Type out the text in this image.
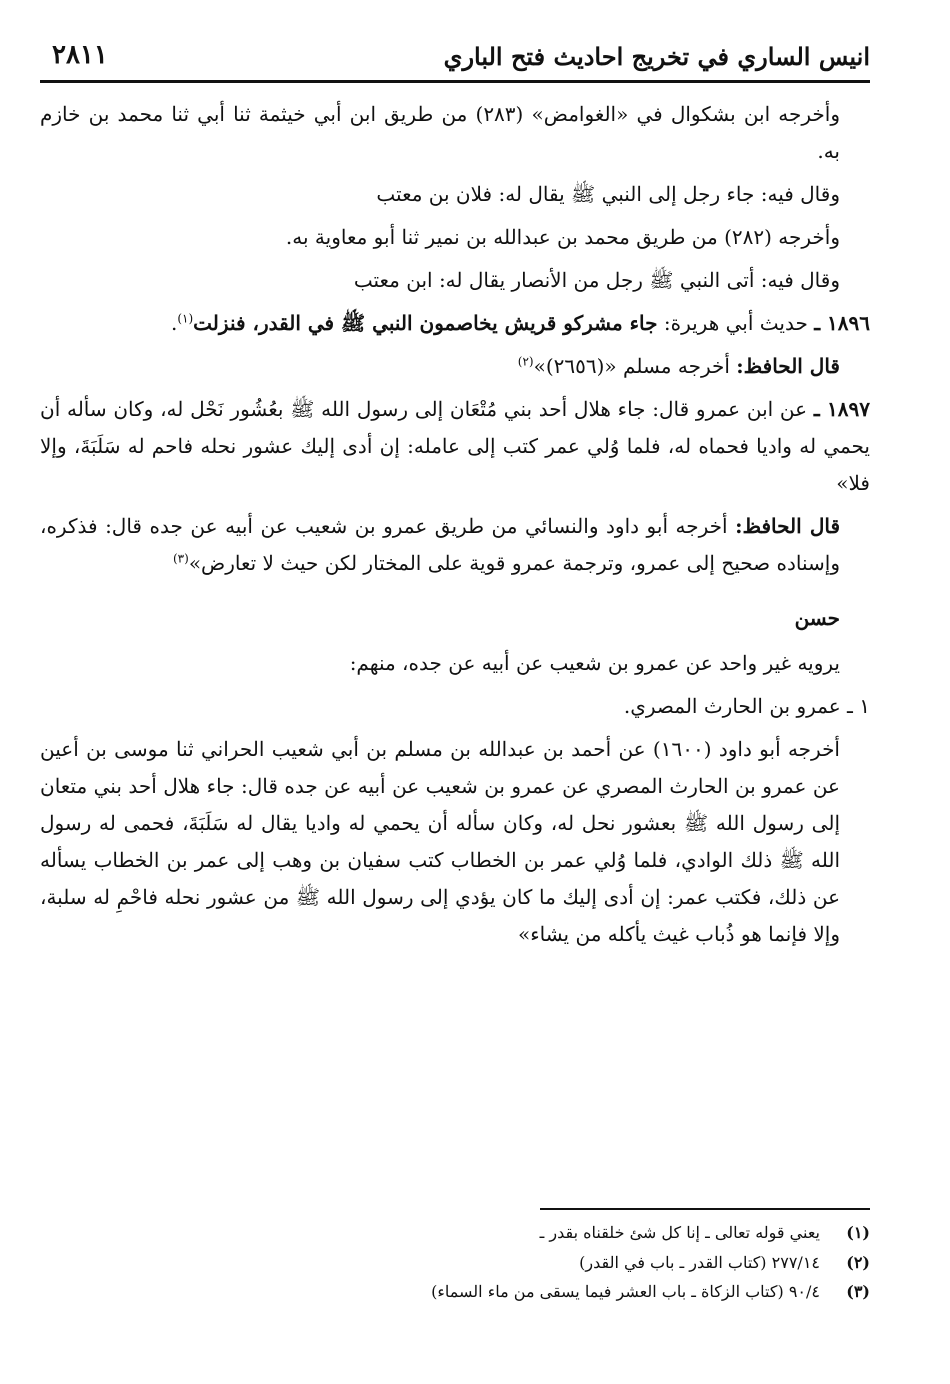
انيس الساري في تخريج احاديث فتح الباري
٢٨١١

وأخرجه ابن بشكوال في «الغوامض» (٢٨٣) من طريق ابن أبي خيثمة ثنا أبي ثنا محمد بن خازم به.

وقال فيه: جاء رجل إلى النبي ﷺ يقال له: فلان بن معتب

وأخرجه (٢٨٢) من طريق محمد بن عبدالله بن نمير ثنا أبو معاوية به.

وقال فيه: أتى النبي ﷺ رجل من الأنصار يقال له: ابن معتب

١٨٩٦ ـ حديث أبي هريرة: جاء مشركو قريش يخاصمون النبي ﷺ في القدر، فنزلت$^{(١)}$.

قال الحافظ: أخرجه مسلم «(٢٦٥٦)»$^{(٢)}$

١٨٩٧ ـ عن ابن عمرو قال: جاء هلال أحد بني مُتْعَان إلى رسول الله ﷺ بعُشُور نَحْل له، وكان سأله أن يحمي له واديا فحماه له، فلما وُلي عمر كتب إلى عامله: إن أدى إليك عشور نحله فاحم له سَلَبَةَ، وإلا فلا»

قال الحافظ: أخرجه أبو داود والنسائي من طريق عمرو بن شعيب عن أبيه عن جده قال: فذكره، وإسناده صحيح إلى عمرو، وترجمة عمرو قوية على المختار لكن حيث لا تعارض»$^{(٣)}$

حسن

يرويه غير واحد عن عمرو بن شعيب عن أبيه عن جده، منهم:

١ ـ عمرو بن الحارث المصري.

أخرجه أبو داود (١٦٠٠) عن أحمد بن عبدالله بن مسلم بن أبي شعيب الحراني ثنا موسى بن أعين عن عمرو بن الحارث المصري عن عمرو بن شعيب عن أبيه عن جده قال: جاء هلال أحد بني متعان إلى رسول الله ﷺ بعشور نحل له، وكان سأله أن يحمي له واديا يقال له سَلَبَةَ، فحمى له رسول الله ﷺ ذلك الوادي، فلما وُلي عمر بن الخطاب كتب سفيان بن وهب إلى عمر بن الخطاب يسأله عن ذلك، فكتب عمر: إن أدى إليك ما كان يؤدي إلى رسول الله ﷺ من عشور نحله فاحْمِ له سلبة، وإلا فإنما هو ذُباب غيث يأكله من يشاء»

(١)
يعني قوله تعالى ـ إنا كل شئ خلقناه بقدر ـ
(٢)
٢٧٧/١٤ (كتاب القدر ـ باب في القدر)
(٣)
٩٠/٤ (كتاب الزكاة ـ باب العشر فيما يسقى من ماء السماء)
